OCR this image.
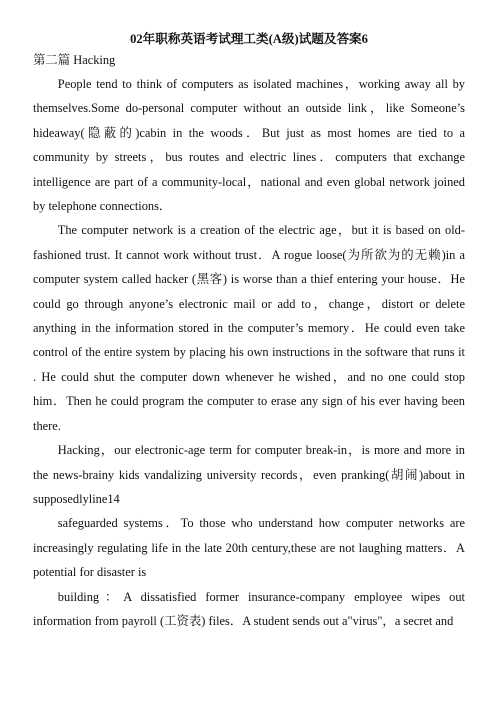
02年职称英语考试理工类(A级)试题及答案6
第二篇 Hacking

People tend to think of computers as isolated machines，working away all by themselves.Some do-personal computer without an outside link，like Someone’s hideaway(隐蔽的)cabin in the woods．But just as most homes are tied to a community by streets，bus routes and electric lines．computers that exchange intelligence are part of a community-local，national and even global network joined by telephone connections．

The computer network is a creation of the electric age，but it is based on old-fashioned trust. It cannot work without trust．A rogue loose(为所欲为的无赖)in a computer system called hacker (黑客) is worse than a thief entering your house．He could go through anyone’s electronic mail or add to，change，distort or delete anything in the information stored in the computer’s memory．He could even take control of the entire system by placing his own instructions in the software that runs it . He could shut the computer down whenever he wished，and no one could stop him．Then he could program the computer to erase any sign of his ever having been there.

Hacking，our electronic-age term for computer break-in，is more and more in the news-brainy kids vandalizing university records，even pranking(胡闹)about in supposedlyline14

safeguarded systems．To those who understand how computer networks are increasingly regulating life in the late 20th century,these are not laughing matters．A potential for disaster is

building：A dissatisfied former insurance-company employee wipes out information from payroll (工资表) files．A student sends out a"virus"，a secret and
